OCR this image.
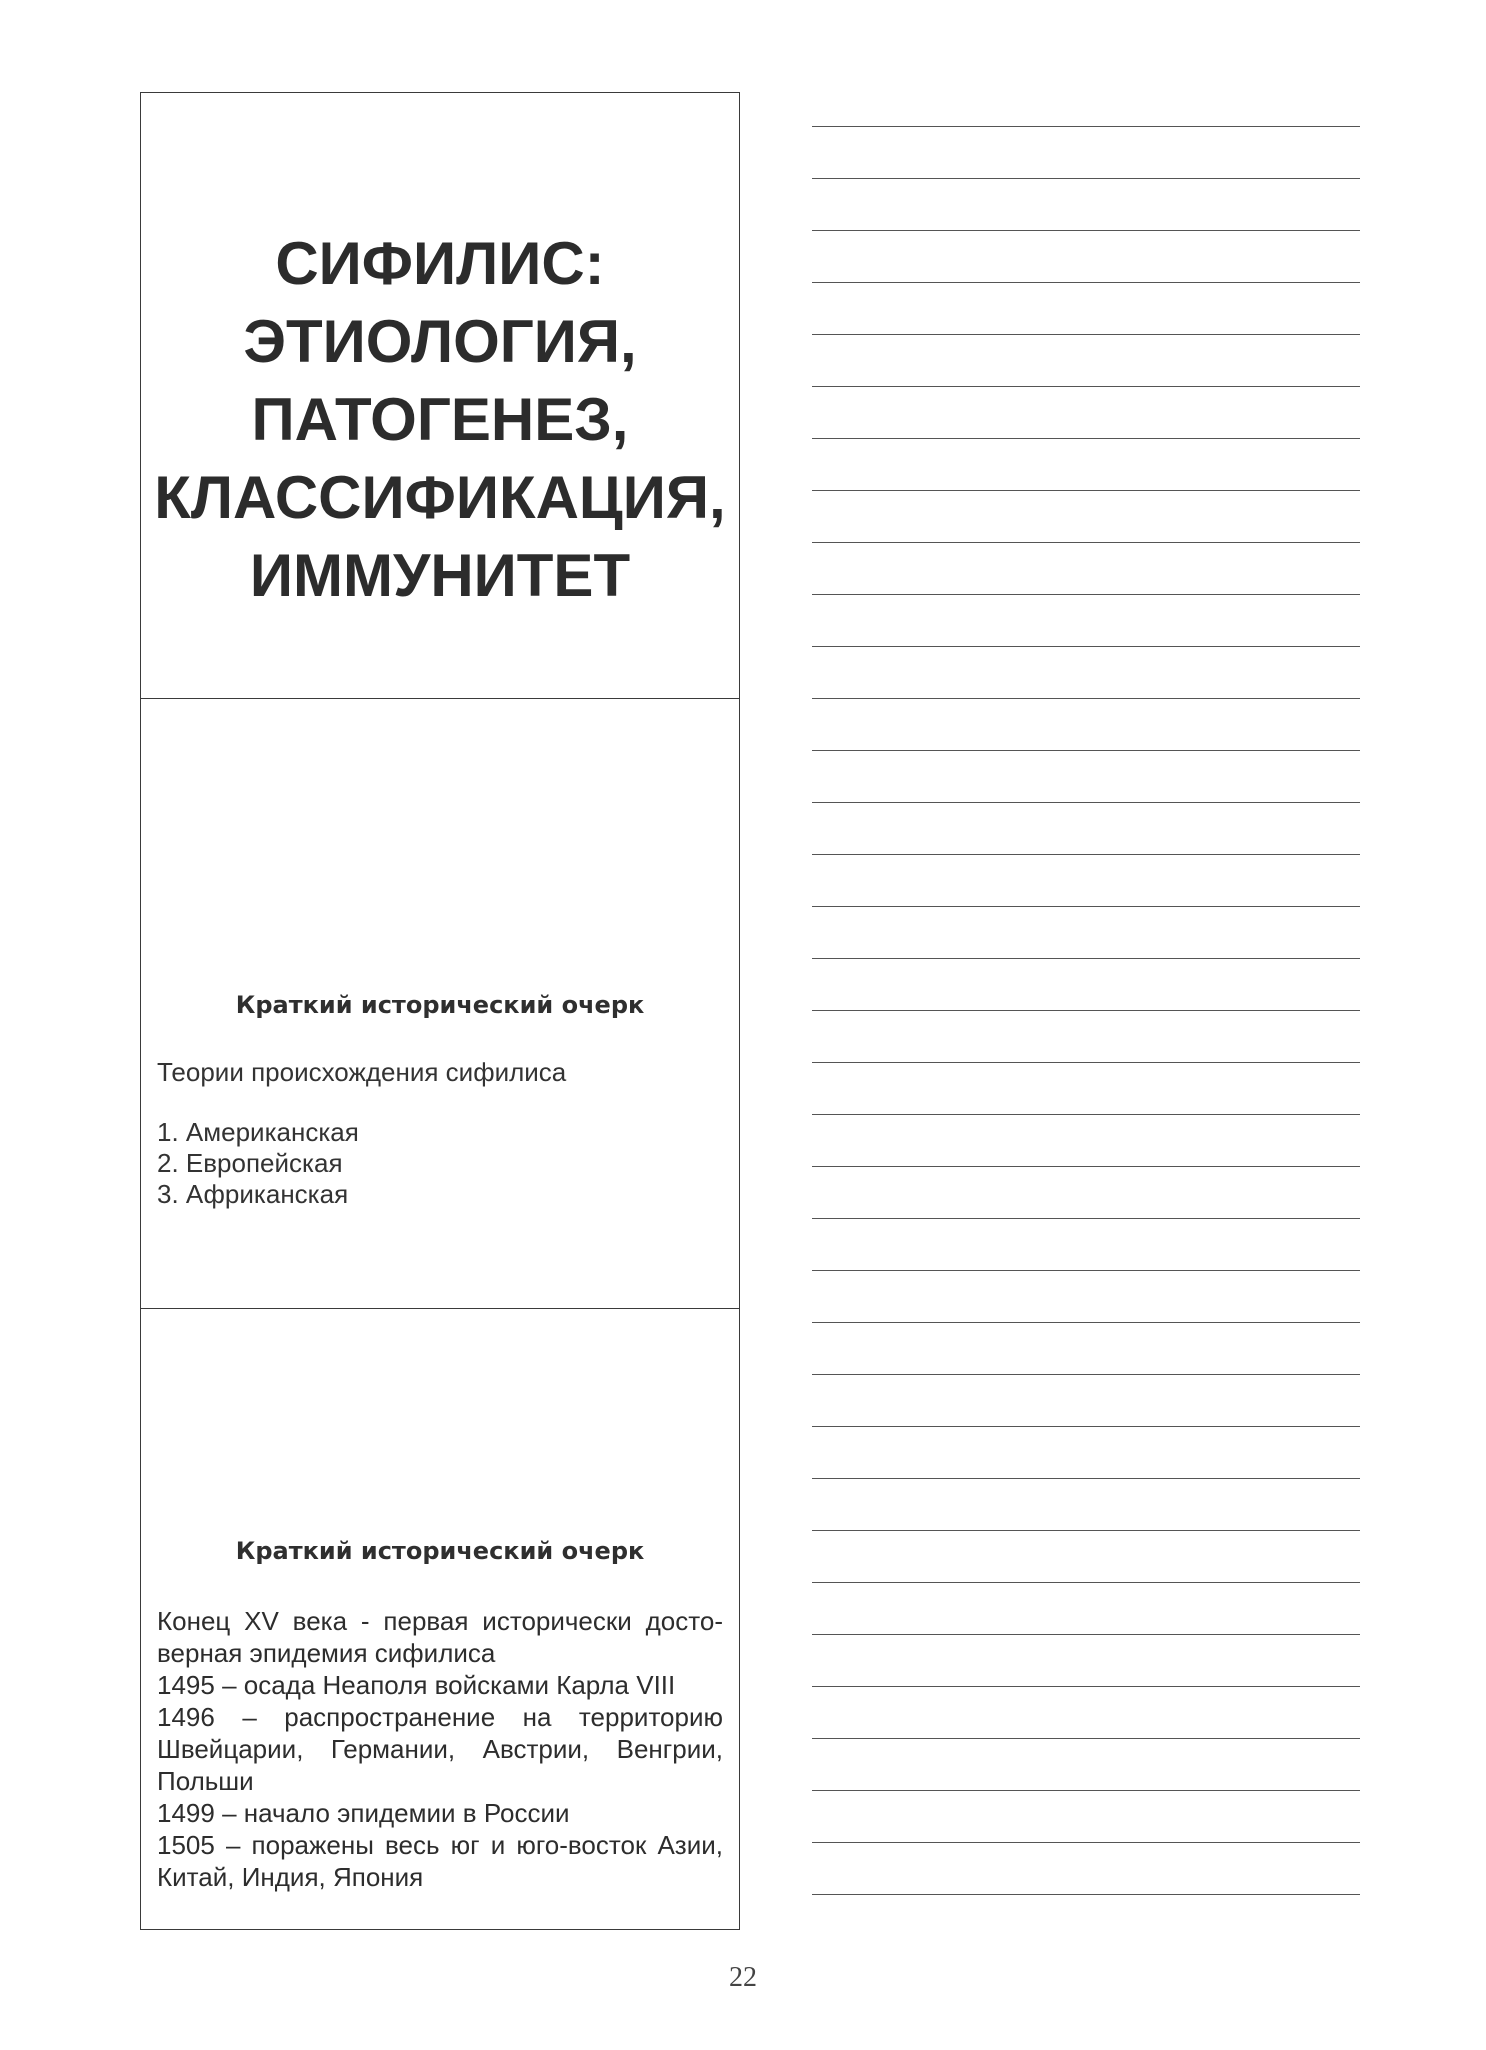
СИФИЛИС:
ЭТИОЛОГИЯ,
ПАТОГЕНЕЗ,
КЛАССИФИКАЦИЯ,
ИММУНИТЕТ
Краткий исторический очерк

Теории происхождения сифилиса

1. Американская
2. Европейская
3. Африканская
Краткий исторический очерк

Конец XV века - первая исторически досто-верная эпидемия сифилиса

1495 – осада Неаполя войсками Карла VIII

1496 – распространение на территорию Швейцарии, Германии, Австрии, Венгрии, Польши

1499 – начало эпидемии в России

1505 – поражены весь юг и юго-восток Азии, Китай, Индия, Япония

22
